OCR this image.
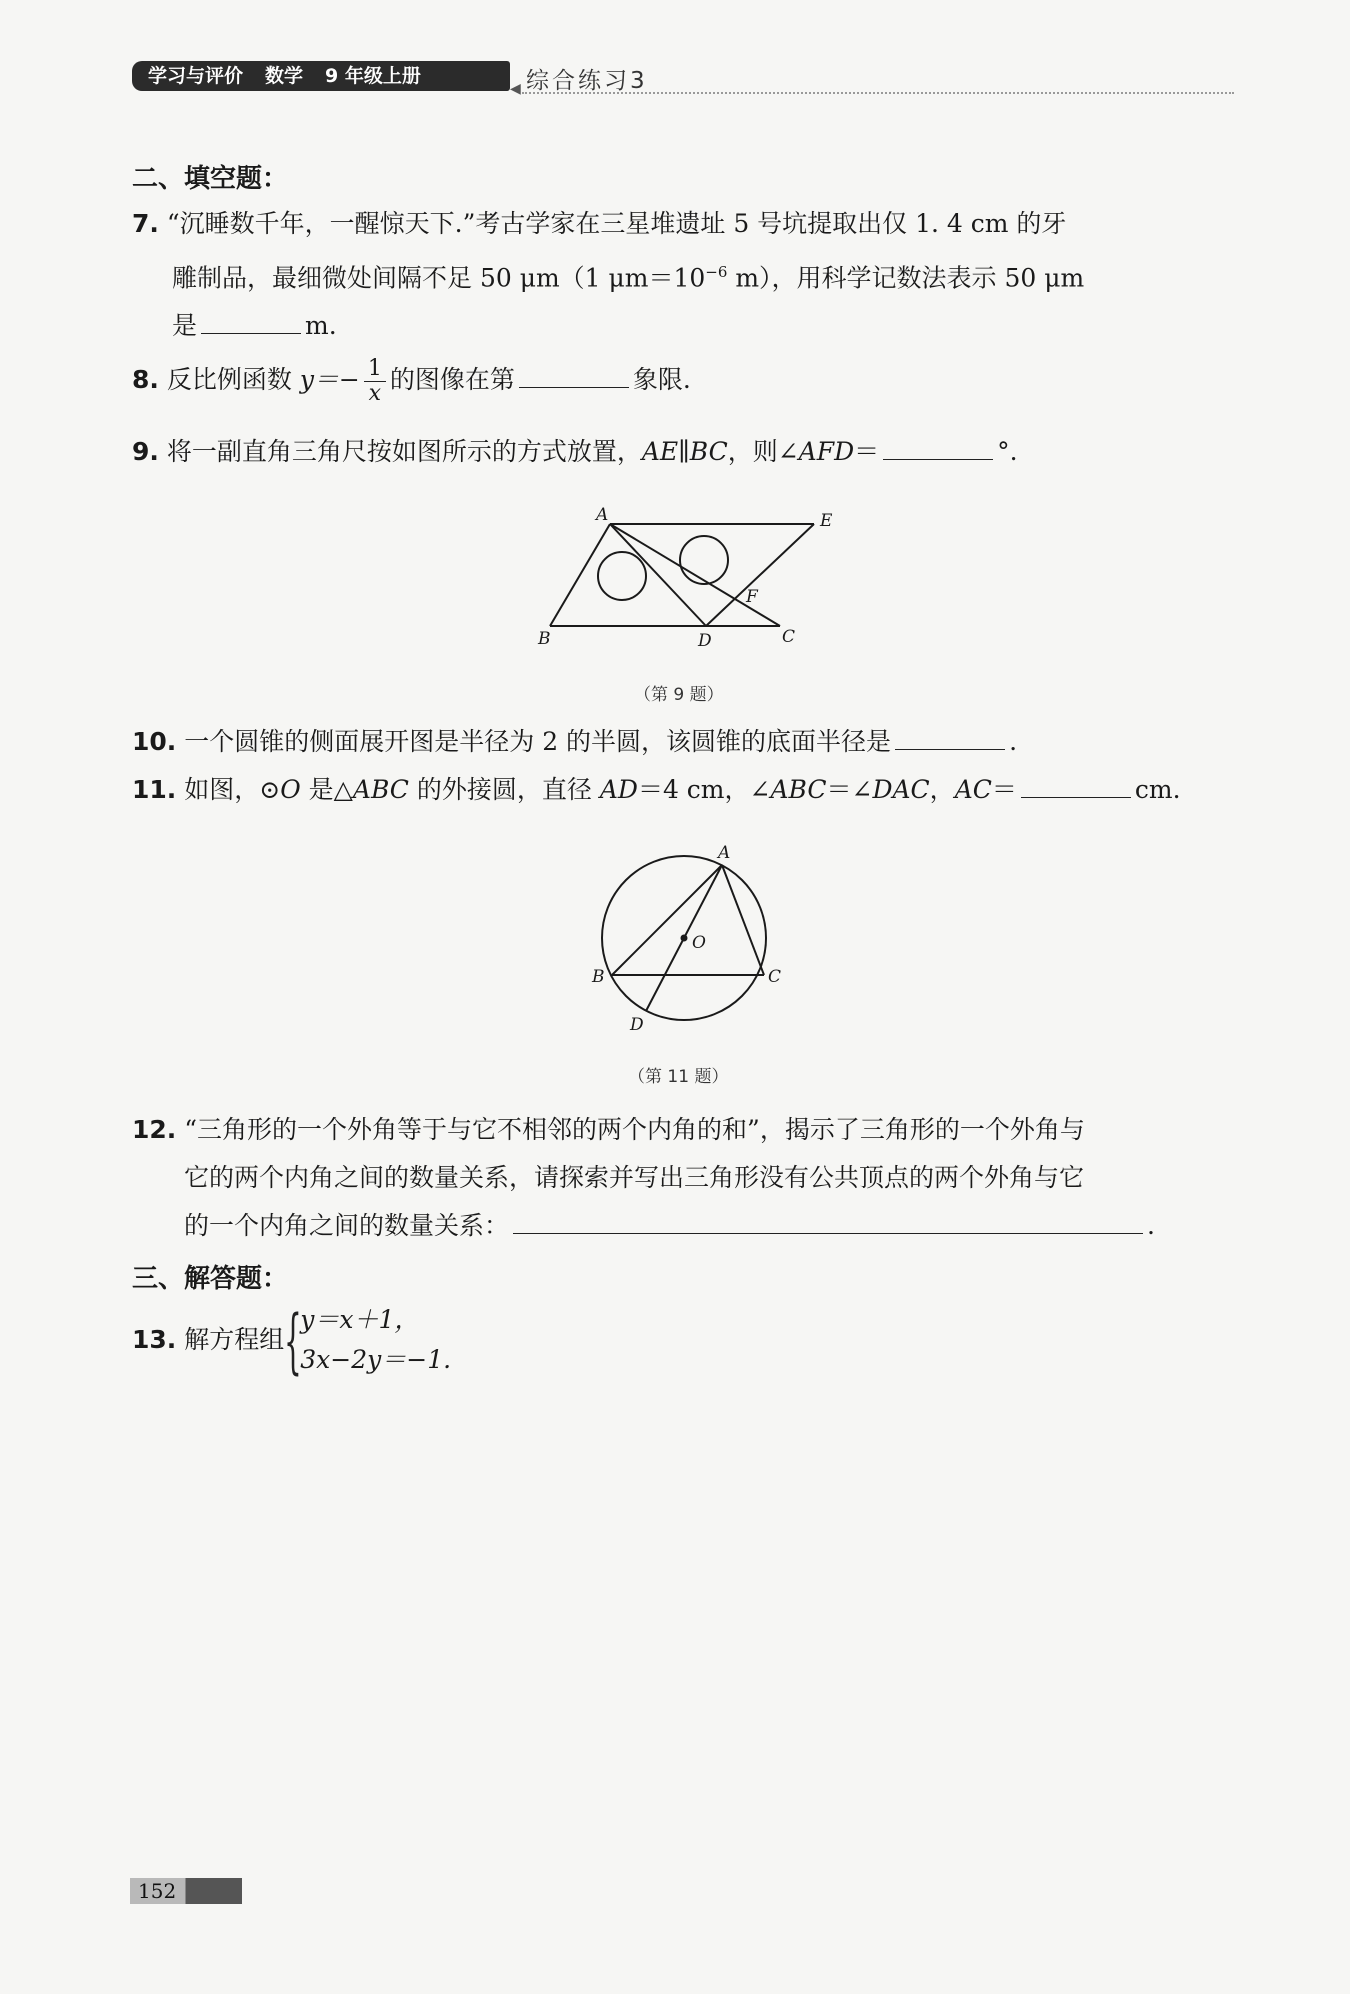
学习与评价 数学 9 年级上册
◀ 综合练习3
二、填空题：
7. “沉睡数千年，一醒惊天下.”考古学家在三星堆遗址 5 号坑提取出仅 1. 4 cm 的牙
雕制品，最细微处间隔不足 50 μm（1 $\mu m=10^{-6}$ m），用科学记数法表示 50 μm
是	m.
8. 反比例函数 $y=- \frac{1}{x}$ 的图像在第	象限.
9. 将一副直角三角尺按如图所示的方式放置，AE∥BC，则∠AFD＝	°.
A	E
F
B	D	C
（第 9 题）
10. 一个圆锥的侧面展开图是半径为 2 的半圆，该圆锥的底面半径是	.
11. 如图，⊙O 是△ABC 的外接圆，直径 AD＝4 cm，∠ABC＝∠DAC，AC＝	cm.
A
O
B	C
D
（第 11 题）
12. “三角形的一个外角等于与它不相邻的两个内角的和”，揭示了三角形的一个外角与
它的两个内角之间的数量关系，请探索并写出三角形没有公共顶点的两个外角与它
的一个内角之间的数量关系：	.
三、解答题：
13. 解方程组 {
y＝x＋1，
3x−2y＝−1.
152
